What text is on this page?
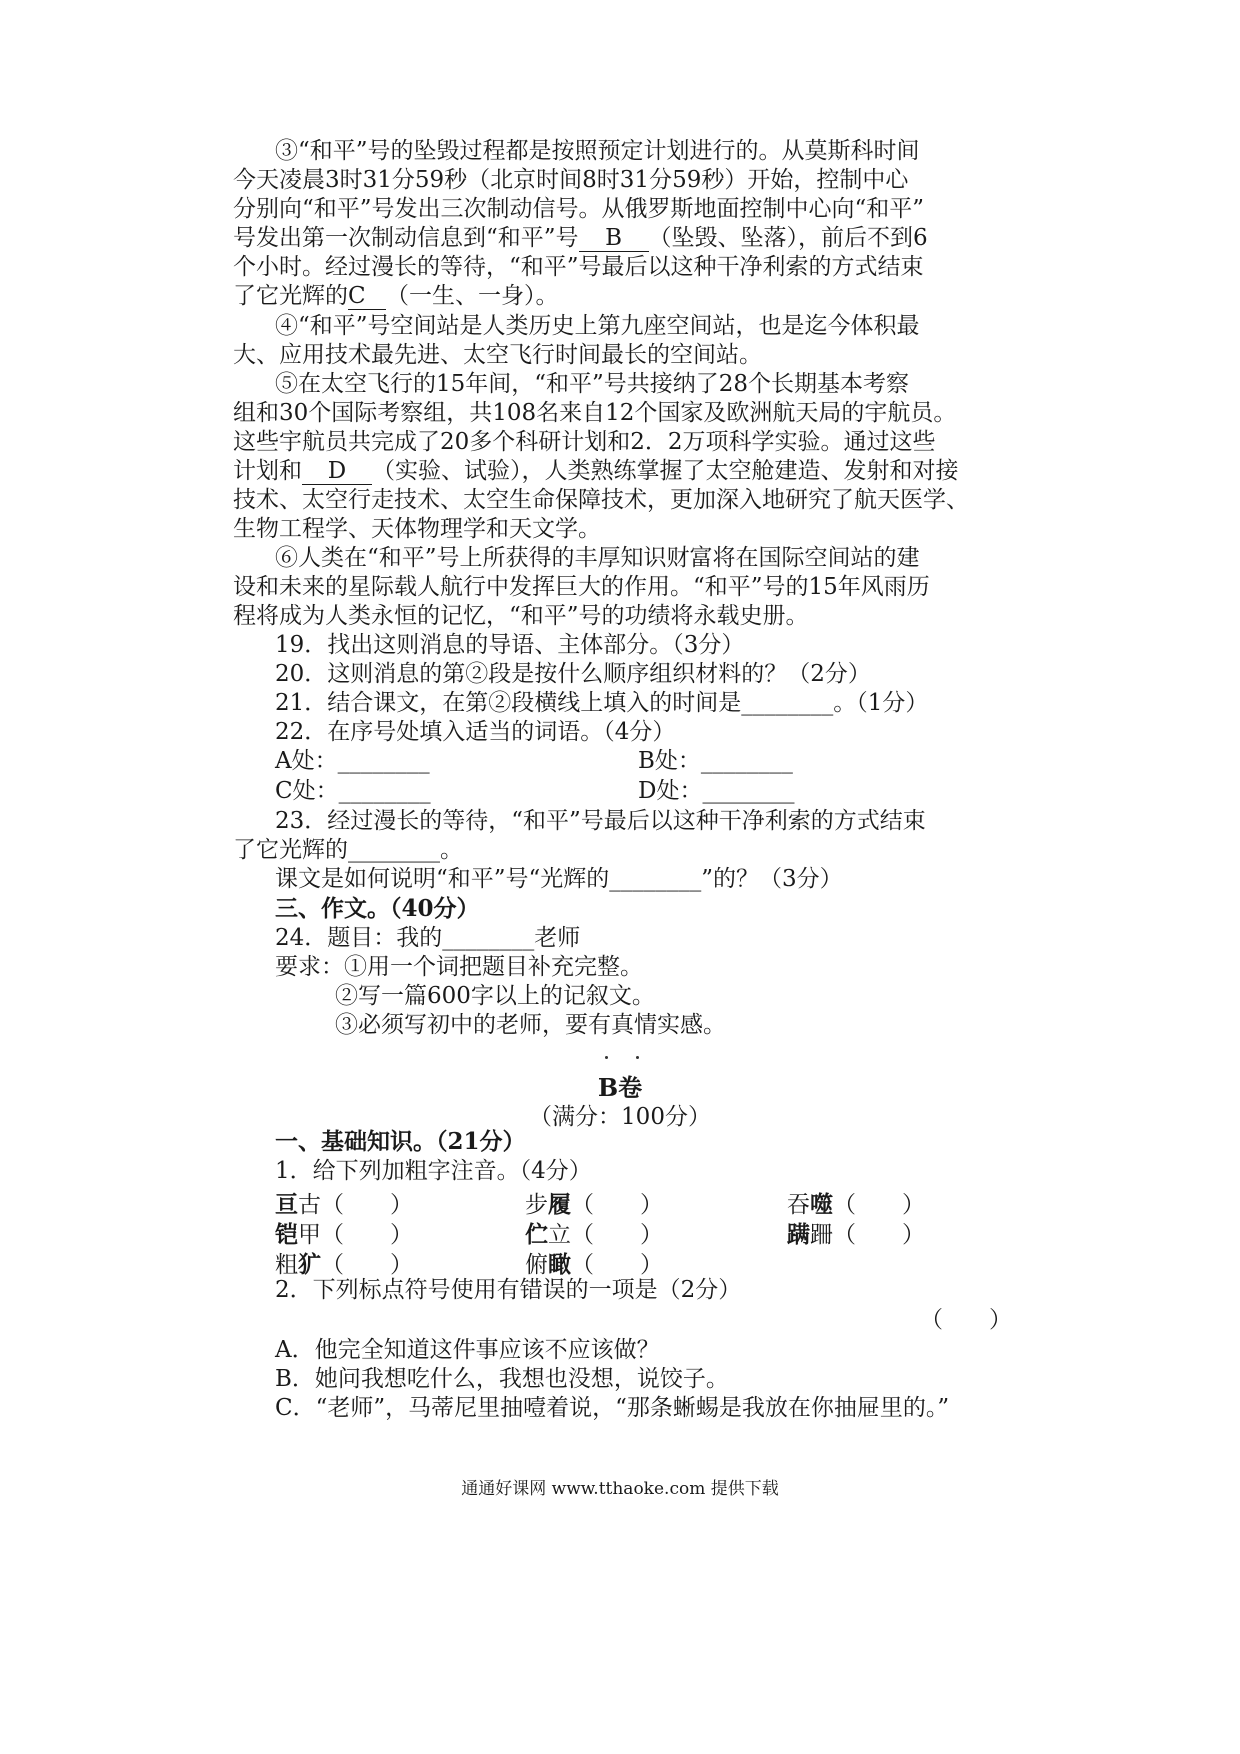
③“和平”号的坠毁过程都是按照预定计划进行的。从莫斯科时间
今天凌晨3时31分59秒（北京时间8时31分59秒）开始，控制中心
分别向“和平”号发出三次制动信号。从俄罗斯地面控制中心向“和平”
号发出第一次制动信息到“和平”号 B （坠毁、坠落），前后不到6
个小时。经过漫长的等待，“和平”号最后以这种干净利索的方式结束
了它光辉的C （一生、一身）。
④“和平”号空间站是人类历史上第九座空间站，也是迄今体积最
大、应用技术最先进、太空飞行时间最长的空间站。
⑤在太空飞行的15年间，“和平”号共接纳了28个长期基本考察
组和30个国际考察组，共108名来自12个国家及欧洲航天局的宇航员。
这些宇航员共完成了20多个科研计划和2．2万项科学实验。通过这些
计划和 D （实验、试验），人类熟练掌握了太空舱建造、发射和对接
技术、太空行走技术、太空生命保障技术，更加深入地研究了航天医学、
生物工程学、天体物理学和天文学。
⑥人类在“和平”号上所获得的丰厚知识财富将在国际空间站的建
设和未来的星际载人航行中发挥巨大的作用。“和平”号的15年风雨历
程将成为人类永恒的记忆，“和平”号的功绩将永载史册。
19．找出这则消息的导语、主体部分。（3分）
20．这则消息的第②段是按什么顺序组织材料的？（2分）
21．结合课文，在第②段横线上填入的时间是________。（1分）
22．在序号处填入适当的词语。（4分）
A处：________	B处：________
C处：________	D处：________
23．经过漫长的等待，“和平”号最后以这种干净利索的方式结束
了它光辉的________。
课文是如何说明“和平”号“光辉的________”的？（3分）
三、作文。（40分）
24．题目：我的________老师
要求：①用一个词把题目补充完整。
②写一篇600字以上的记叙文。
③必须写初中的老师，要有真情实感。
B卷
（满分：100分）
一、基础知识。（21分）
1．给下列加粗字注音。（4分）
亘古（　　）	步履（　　）	吞噬（　　）
铠甲（　　）	伫立（　　）	蹒跚（　　）
粗犷（　　）	俯瞰（　　）
2．下列标点符号使用有错误的一项是（2分）
（　　）
A．他完全知道这件事应该不应该做？
B．她问我想吃什么，我想也没想，说饺子。
C．“老师”，马蒂尼里抽噎着说，“那条蜥蜴是我放在你抽屉里的。”
通通好课网 www.tthaoke.com 提供下载
